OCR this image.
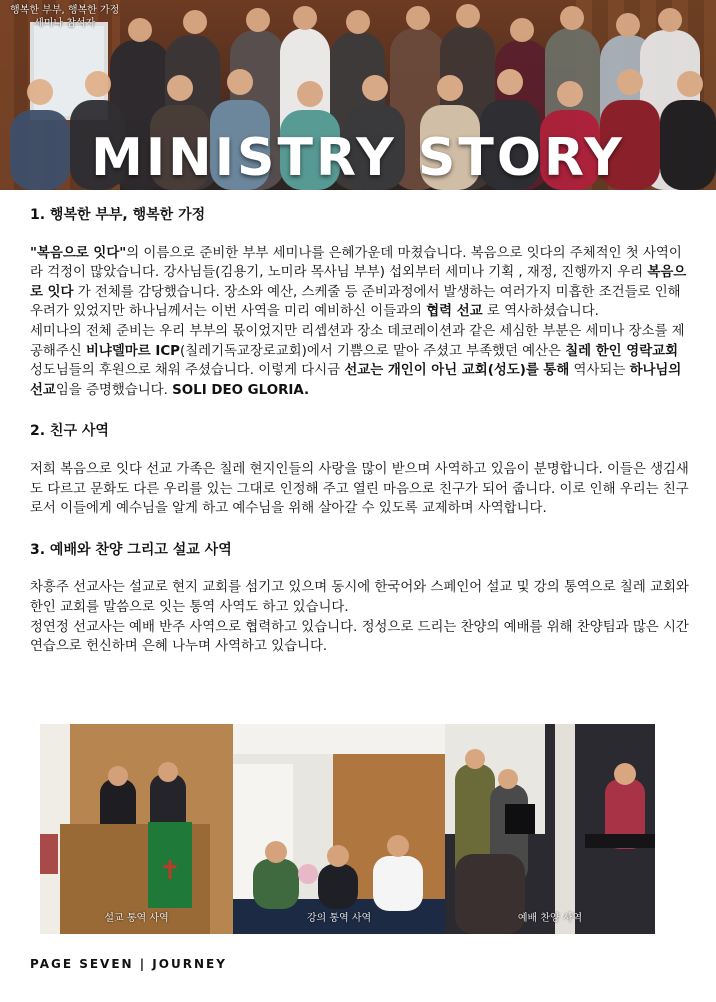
행복한 부부, 행복한 가정
세미나 참석자
MINISTRY STORY

1. 행복한 부부, 행복한 가정

"복음으로 잇다"의 이름으로 준비한 부부 세미나를 은혜가운데 마쳤습니다. 복음으로 잇다의 주체적인 첫 사역이라 걱정이 많았습니다. 강사님들(김용기, 노미라 목사님 부부) 섭외부터 세미나 기획 , 재정, 진행까지 우리 복음으로 잇다 가 전체를 감당했습니다. 장소와 예산, 스케줄 등 준비과정에서 발생하는 여러가지 미흡한 조건들로 인해 우려가 있었지만 하나님께서는 이번 사역을 미리 예비하신 이들과의 협력 선교 로 역사하셨습니다.

세미나의 전체 준비는 우리 부부의 몫이었지만 리셉션과 장소 데코레이션과 같은 세심한 부분은 세미나 장소를 제공해주신 비냐델마르 ICP(칠레기독교장로교회)에서 기쁨으로 맡아 주셨고 부족했던 예산은 칠레 한인 영락교회 성도님들의 후원으로 채워 주셨습니다. 이렇게 다시금 선교는 개인이 아닌 교회(성도)를 통해 역사되는 하나님의 선교임을 증명했습니다. SOLI DEO GLORIA.

2. 친구 사역

저희 복음으로 잇다 선교 가족은 칠레 현지인들의 사랑을 많이 받으며 사역하고 있음이 분명합니다. 이들은 생김새도 다르고 문화도 다른 우리를 있는 그대로 인정해 주고 열린 마음으로 친구가 되어 줍니다. 이로 인해 우리는 친구로서 이들에게 예수님을 알게 하고 예수님을 위해 살아갈 수 있도록 교제하며 사역합니다.

3. 예배와 찬양 그리고 설교 사역

차흥주 선교사는 설교로 현지 교회를 섬기고 있으며 동시에 한국어와 스페인어 설교 및 강의 통역으로 칠레 교회와 한인 교회를 말씀으로 잇는 통역 사역도 하고 있습니다.

정연정 선교사는 예배 반주 사역으로 협력하고 있습니다. 정성으로 드리는 찬양의 예배를 위해 찬양팀과 많은 시간 연습으로 헌신하며 은혜 나누며 사역하고 있습니다.

✝
설교 통역 사역	강의 통역 사역	예배 찬양 사역
PAGE SEVEN | JOURNEY
